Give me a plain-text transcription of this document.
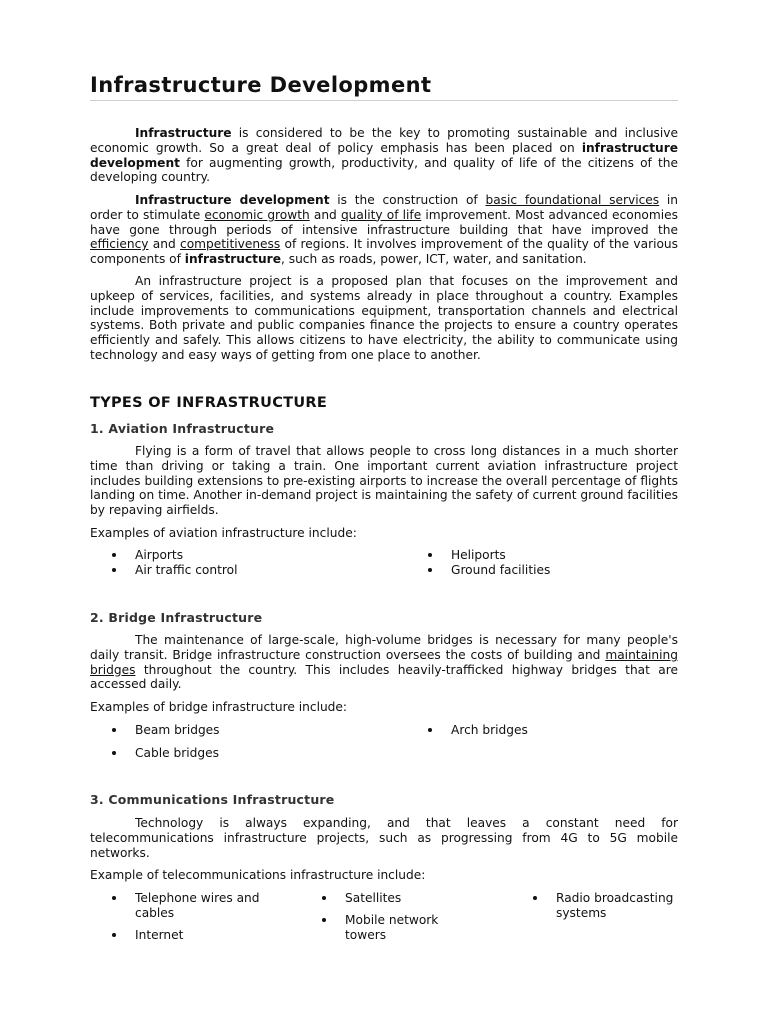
Infrastructure Development

Infrastructure is considered to be the key to promoting sustainable and inclusive economic growth. So a great deal of policy emphasis has been placed on infrastructure development for augmenting growth, productivity, and quality of life of the citizens of the developing country.

Infrastructure development is the construction of basic foundational services in order to stimulate economic growth and quality of life improvement. Most advanced economies have gone through periods of intensive infrastructure building that have improved the efficiency and competitiveness of regions. It involves improvement of the quality of the various components of infrastructure, such as roads, power, ICT, water, and sanitation.

An infrastructure project is a proposed plan that focuses on the improvement and upkeep of services, facilities, and systems already in place throughout a country. Examples include improvements to communications equipment, transportation channels and electrical systems. Both private and public companies finance the projects to ensure a country operates efficiently and safely. This allows citizens to have electricity, the ability to communicate using technology and easy ways of getting from one place to another.

TYPES OF INFRASTRUCTURE
1. Aviation Infrastructure

Flying is a form of travel that allows people to cross long distances in a much shorter time than driving or taking a train. One important current aviation infrastructure project includes building extensions to pre-existing airports to increase the overall percentage of flights landing on time. Another in-demand project is maintaining the safety of current ground facilities by repaving airfields.

Examples of aviation infrastructure include:

Airports
Air traffic control
Heliports
Ground facilities
2. Bridge Infrastructure

The maintenance of large-scale, high-volume bridges is necessary for many people's daily transit. Bridge infrastructure construction oversees the costs of building and maintaining bridges throughout the country. This includes heavily-trafficked highway bridges that are accessed daily.

Examples of bridge infrastructure include:

Beam bridges
Cable bridges
Arch bridges
3. Communications Infrastructure

Technology is always expanding, and that leaves a constant need for telecommunications infrastructure projects, such as progressing from 4G to 5G mobile networks.

Example of telecommunications infrastructure include:

Telephone wires and cables
Internet
Satellites
Mobile network towers
Radio broadcasting systems
